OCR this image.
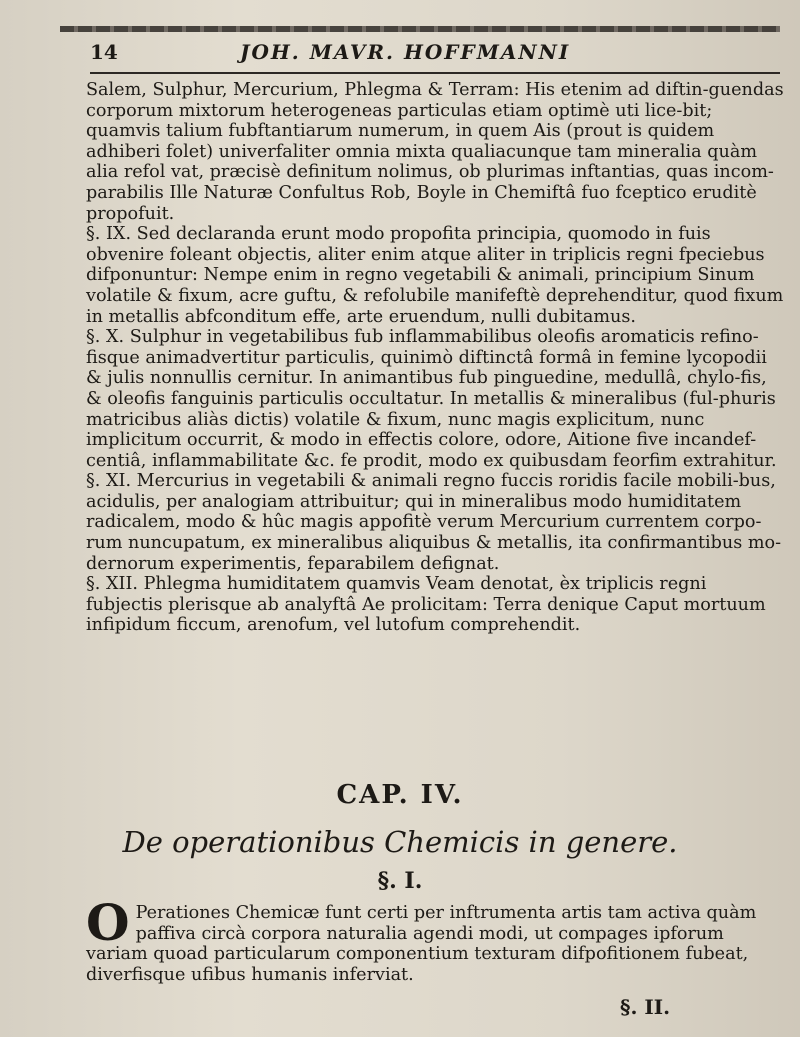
14	JOH. MAVR. HOFFMANNI

Salem, Sulphur, Mercurium, Phlegma & Terram: His etenim ad diftin-guendas corporum mixtorum heterogeneas particulas etiam optimè uti lice-bit; quamvis talium fubftantiarum numerum, in quem Ais (prout is quidem adhiberi folet) univerfaliter omnia mixta qualiacunque tam mineralia quàm alia refol vat, præcisè definitum nolimus, ob plurimas inftantias, quas incom-parabilis Ille Naturæ Confultus Rob, Boyle in Chemiftâ fuo fceptico eruditè propofuit.

§. IX. Sed declaranda erunt modo propofita principia, quomodo in fuis obvenire foleant objectis, aliter enim atque aliter in triplicis regni fpeciebus difponuntur: Nempe enim in regno vegetabili & animali, principium Sinum volatile & fixum, acre guftu, & refolubile manifeftè deprehenditur, quod fixum in metallis abfconditum effe, arte eruendum, nulli dubitamus.

§. X. Sulphur in vegetabilibus fub inflammabilibus oleofis aromaticis refino-fisque animadvertitur particulis, quinimò diftinctâ formâ in femine lycopodii & julis nonnullis cernitur. In animantibus fub pinguedine, medullâ, chylo-fis, & oleofis fanguinis particulis occultatur. In metallis & mineralibus (ful-phuris matricibus aliàs dictis) volatile & fixum, nunc magis explicitum, nunc implicitum occurrit, & modo in effectis colore, odore, Aitione five incandef-centiâ, inflammabilitate &c. fe prodit, modo ex quibusdam feorfim extrahitur.

§. XI. Mercurius in vegetabili & animali regno fuccis roridis facile mobili-bus, acidulis, per analogiam attribuitur; qui in mineralibus modo humiditatem radicalem, modo & hûc magis appofitè verum Mercurium currentem corpo-rum nuncupatum, ex mineralibus aliquibus & metallis, ita confirmantibus mo-dernorum experimentis, feparabilem defignat.

§. XII. Phlegma humiditatem quamvis Veam denotat, èx triplicis regni fubjectis plerisque ab analyftâ Ae prolicitam: Terra denique Caput mortuum infipidum ficcum, arenofum, vel lutofum comprehendit.

CAP. IV.
De operationibus Chemicis in genere.
§. I.
O Perationes Chemicæ funt certi per inftrumenta artis tam activa quàm paffiva circà corpora naturalia agendi modi, ut compages ipforum variam quoad particularum componentium texturam difpofitionem fubeat, diverfisque ufibus humanis inferviat.
§. II.
